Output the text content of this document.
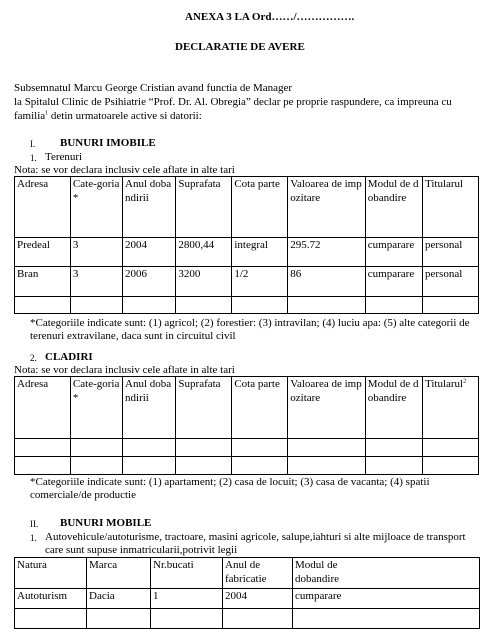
ANEXA 3 LA Ord……/…………….
DECLARATIE DE AVERE
Subsemnatul Marcu George Cristian avand functia de Manager
la Spitalul Clinic de Psihiatrie “Prof. Dr. Al. Obregia” declar pe proprie raspundere, ca impreuna cu
familia$^1$ detin urmatoarele active si datorii:
I. BUNURI IMOBILE
1. Terenuri
Nota: se vor declara inclusiv cele aflate in alte tari
Adresa	Cate-goria*	Anul dobandirii	Suprafata	Cota parte	Valoarea de impozitare	Modul de dobandire	Titularul
Predeal	3	2004	2800,44	integral	295.72	cumparare	personal
Bran	3	2006	3200	1/2	86	cumparare	personal

*Categoriile indicate sunt: (1) agricol; (2) forestier: (3) intravilan; (4) luciu apa: (5) alte categorii de
terenuri extravilane, daca sunt in circuitul civil
2. CLADIRI
Nota: se vor declara inclusiv cele aflate in alte tari
Adresa	Cate-goria*	Anul dobandirii	Suprafata	Cota parte	Valoarea de impozitare	Modul de dobandire	Titularul$^2$

*Categoriile indicate sunt: (1) apartament; (2) casa de locuit; (3) casa de vacanta; (4) spatii
comerciale/de productie
II. BUNURI MOBILE
1. Autovehicule/autoturisme, tractoare, masini agricole, salupe,iahturi si alte mijloace de transport
care sunt supuse inmatricularii,potrivit legii
Natura	Marca	Nr.bucati	Anul de fabricatie	Modul de dobandire

Autoturism	Dacia	1	2004	cumparare
